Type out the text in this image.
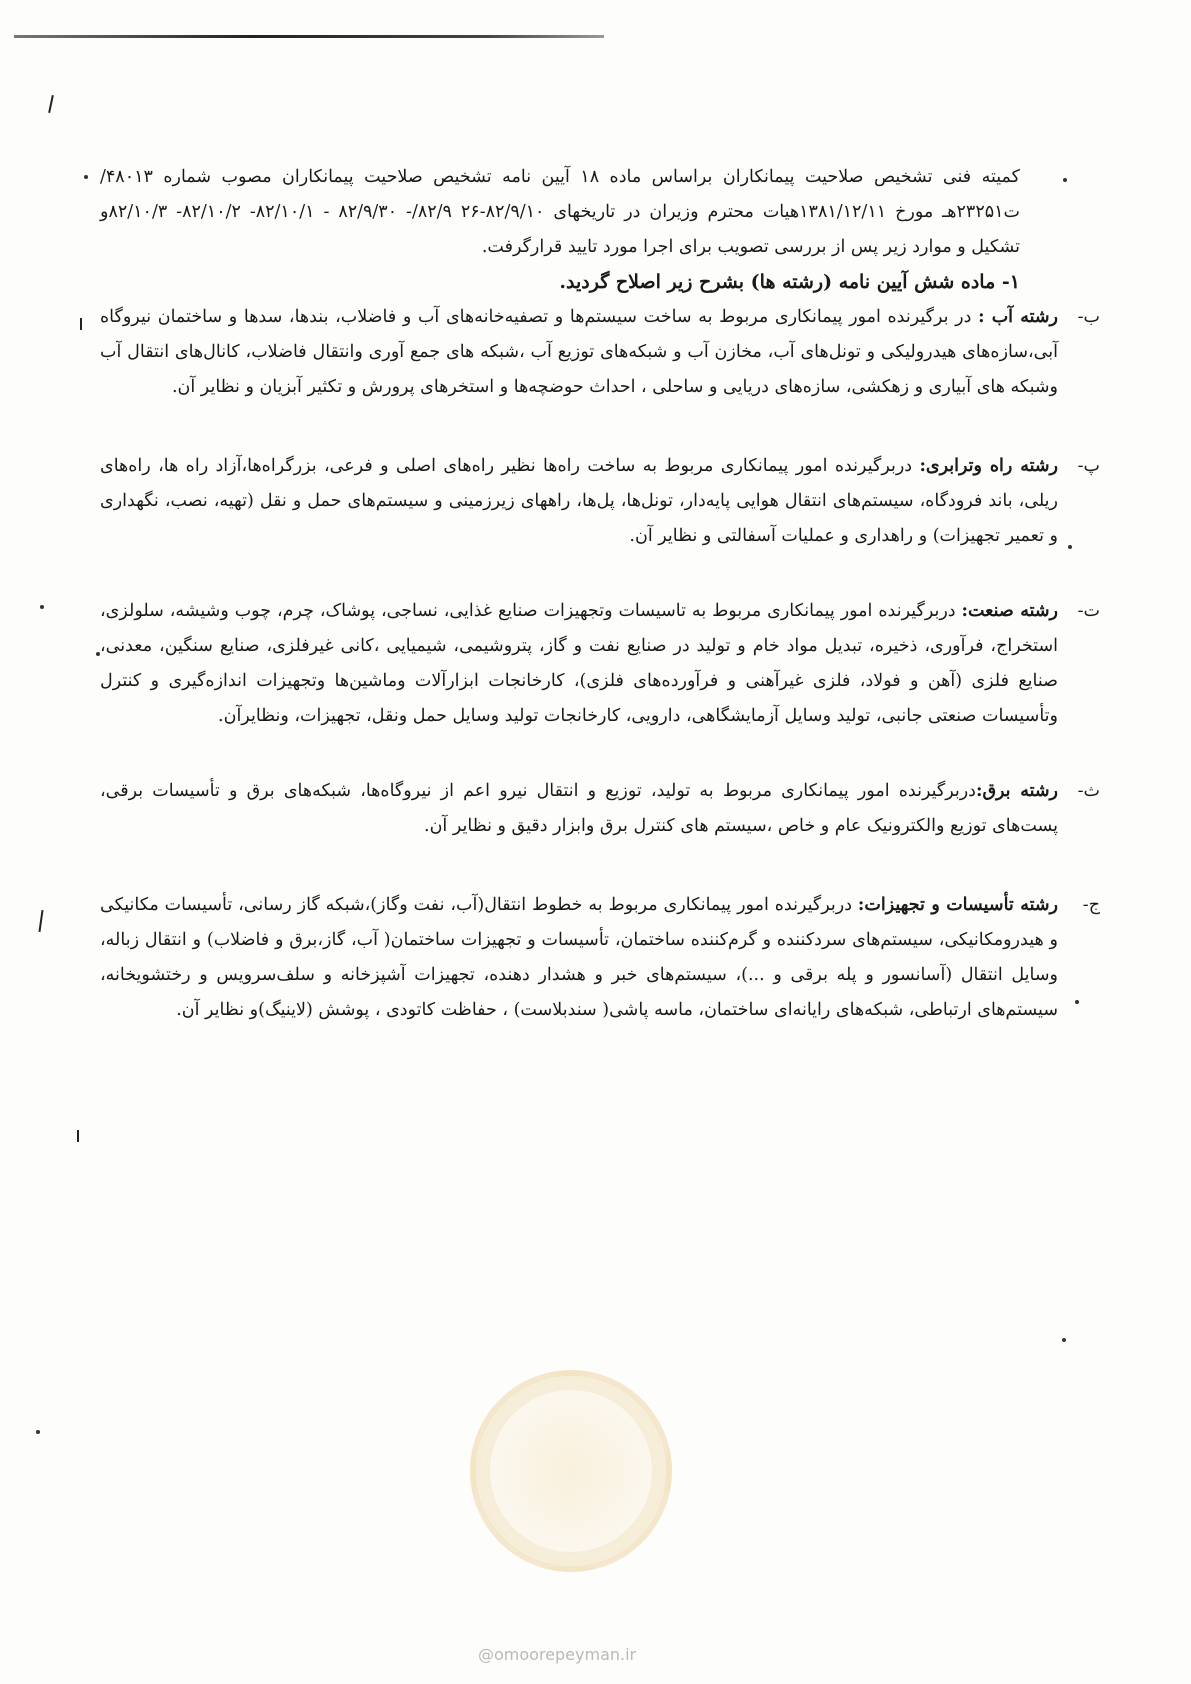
کمیته فنی تشخیص صلاحیت پیمانکاران براساس ماده ۱۸ آیین نامه تشخیص صلاحیت پیمانکاران مصوب شماره ۴۸۰۱۳/ت۲۳۲۵۱هـ مورخ ۱۳۸۱/۱۲/۱۱هیات محترم وزیران در تاریخهای ۸۲/۹/۱۰-۲۶ ۸۲/۹/- ۸۲/۹/۳۰ - ۸۲/۱۰/۱- ۸۲/۱۰/۲- ۸۲/۱۰/۳و تشکیل و موارد زیر پس از بررسی تصویب برای اجرا مورد تایید قرارگرفت.

۱- ماده شش آیین نامه (رشته ها) بشرح زیر اصلاح گردید.

ب-
رشته آب : در برگیرنده امور پیمانکاری مربوط به ساخت سیستم‌ها و تصفیه‌خانه‌های آب و فاضلاب، بندها، سدها و ساختمان نیروگاه آبی،سازه‌های هیدرولیکی و تونل‌های آب، مخازن آب و شبکه‌های توزیع آب ،شبکه های جمع آوری وانتقال فاضلاب، کانال‌های انتقال آب وشبکه های آبیاری و زهکشی، سازه‌های دریایی و ساحلی ، احداث حوضچه‌ها و استخرهای پرورش و تکثیر آبزیان و نظایر آن.

پ-
رشته راه وترابری: دربرگیرنده امور پیمانکاری مربوط به ساخت راه‌ها نظیر راه‌های اصلی و فرعی، بزرگراه‌ها،آزاد راه ها، راه‌های ریلی، باند فرودگاه، سیستم‌های انتقال هوایی پایه‌دار، تونل‌ها، پل‌ها، راههای زیرزمینی و سیستم‌های حمل و نقل (تهیه، نصب، نگهداری و تعمیر تجهیزات) و راهداری و عملیات آسفالتی و نظایر آن.

ت-
رشته صنعت: دربرگیرنده امور پیمانکاری مربوط به تاسیسات وتجهیزات صنایع غذایی، نساجی، پوشاک، چرم، چوب وشیشه، سلولزی، استخراج، فرآوری، ذخیره، تبدیل مواد خام و تولید در صنایع نفت و گاز، پتروشیمی، شیمیایی ،کانی غیرفلزی، صنایع سنگین، معدنی، صنایع فلزی (آهن و فولاد، فلزی غیرآهنی و فرآورده‌های فلزی)، کارخانجات ابزارآلات وماشین‌ها وتجهیزات اندازه‌گیری و کنترل وتأسیسات صنعتی جانبی، تولید وسایل آزمایشگاهی، دارویی، کارخانجات تولید وسایل حمل ونقل، تجهیزات، ونظایرآن.

ث-
رشته برق:دربرگیرنده امور پیمانکاری مربوط به تولید، توزیع و انتقال نیرو اعم از نیروگاه‌ها، شبکه‌های برق و تأسیسات برقی، پست‌های توزیع والکترونیک عام و خاص ،سیستم های کنترل برق وابزار دقیق و نظایر آن.

ج-
رشته تأسیسات و تجهیزات: دربرگیرنده امور پیمانکاری مربوط به خطوط انتقال(آب، نفت وگاز)،شبکه گاز رسانی، تأسیسات مکانیکی و هیدرومکانیکی، سیستم‌های سردکننده و گرم‌کننده ساختمان، تأسیسات و تجهیزات ساختمان( آب، گاز،برق و فاضلاب) و انتقال زباله، وسایل انتقال (آسانسور و پله برقی و ...)، سیستم‌های خبر و هشدار دهنده، تجهیزات آشپزخانه و سلف‌سرویس و رختشویخانه، سیستم‌های ارتباطی، شبکه‌های رایانه‌ای ساختمان، ماسه پاشی( سندبلاست) ، حفاظت کاتودی ، پوشش (لاینیگ)و نظایر آن.

@omoorepeyman.ir
